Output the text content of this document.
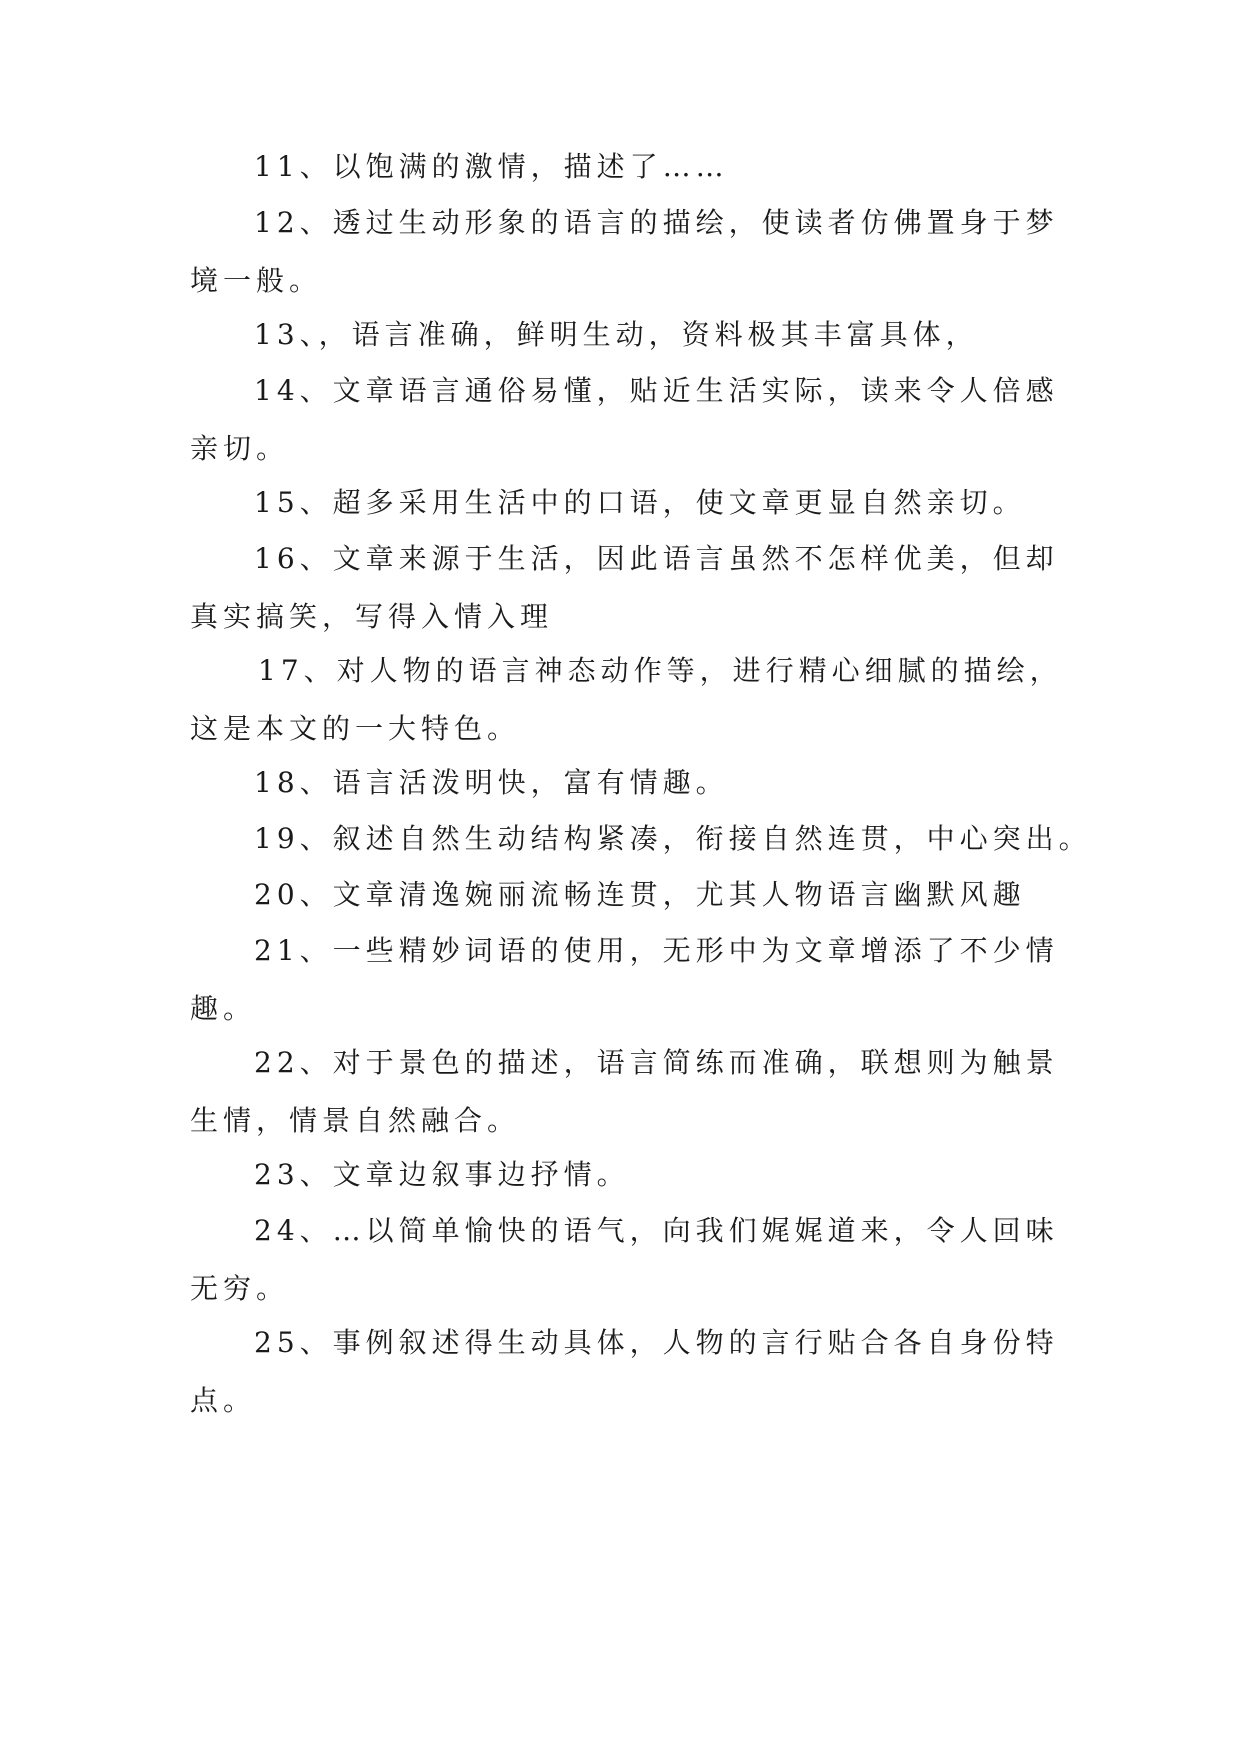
11、以饱满的激情，描述了……

12、透过生动形象的语言的描绘，使读者仿佛置身于梦
境一般。

13、，语言准确，鲜明生动，资料极其丰富具体，

14、文章语言通俗易懂，贴近生活实际，读来令人倍感
亲切。

15、超多采用生活中的口语，使文章更显自然亲切。

16、文章来源于生活，因此语言虽然不怎样优美，但却
真实搞笑，写得入情入理

17、对人物的语言神态动作等，进行精心细腻的描绘，
这是本文的一大特色。

18、语言活泼明快，富有情趣。

19、叙述自然生动结构紧凑，衔接自然连贯，中心突出。

20、文章清逸婉丽流畅连贯，尤其人物语言幽默风趣

21、一些精妙词语的使用，无形中为文章增添了不少情
趣。

22、对于景色的描述，语言简练而准确，联想则为触景
生情，情景自然融合。

23、文章边叙事边抒情。

24、…以简单愉快的语气，向我们娓娓道来，令人回味
无穷。

25、事例叙述得生动具体，人物的言行贴合各自身份特
点。
